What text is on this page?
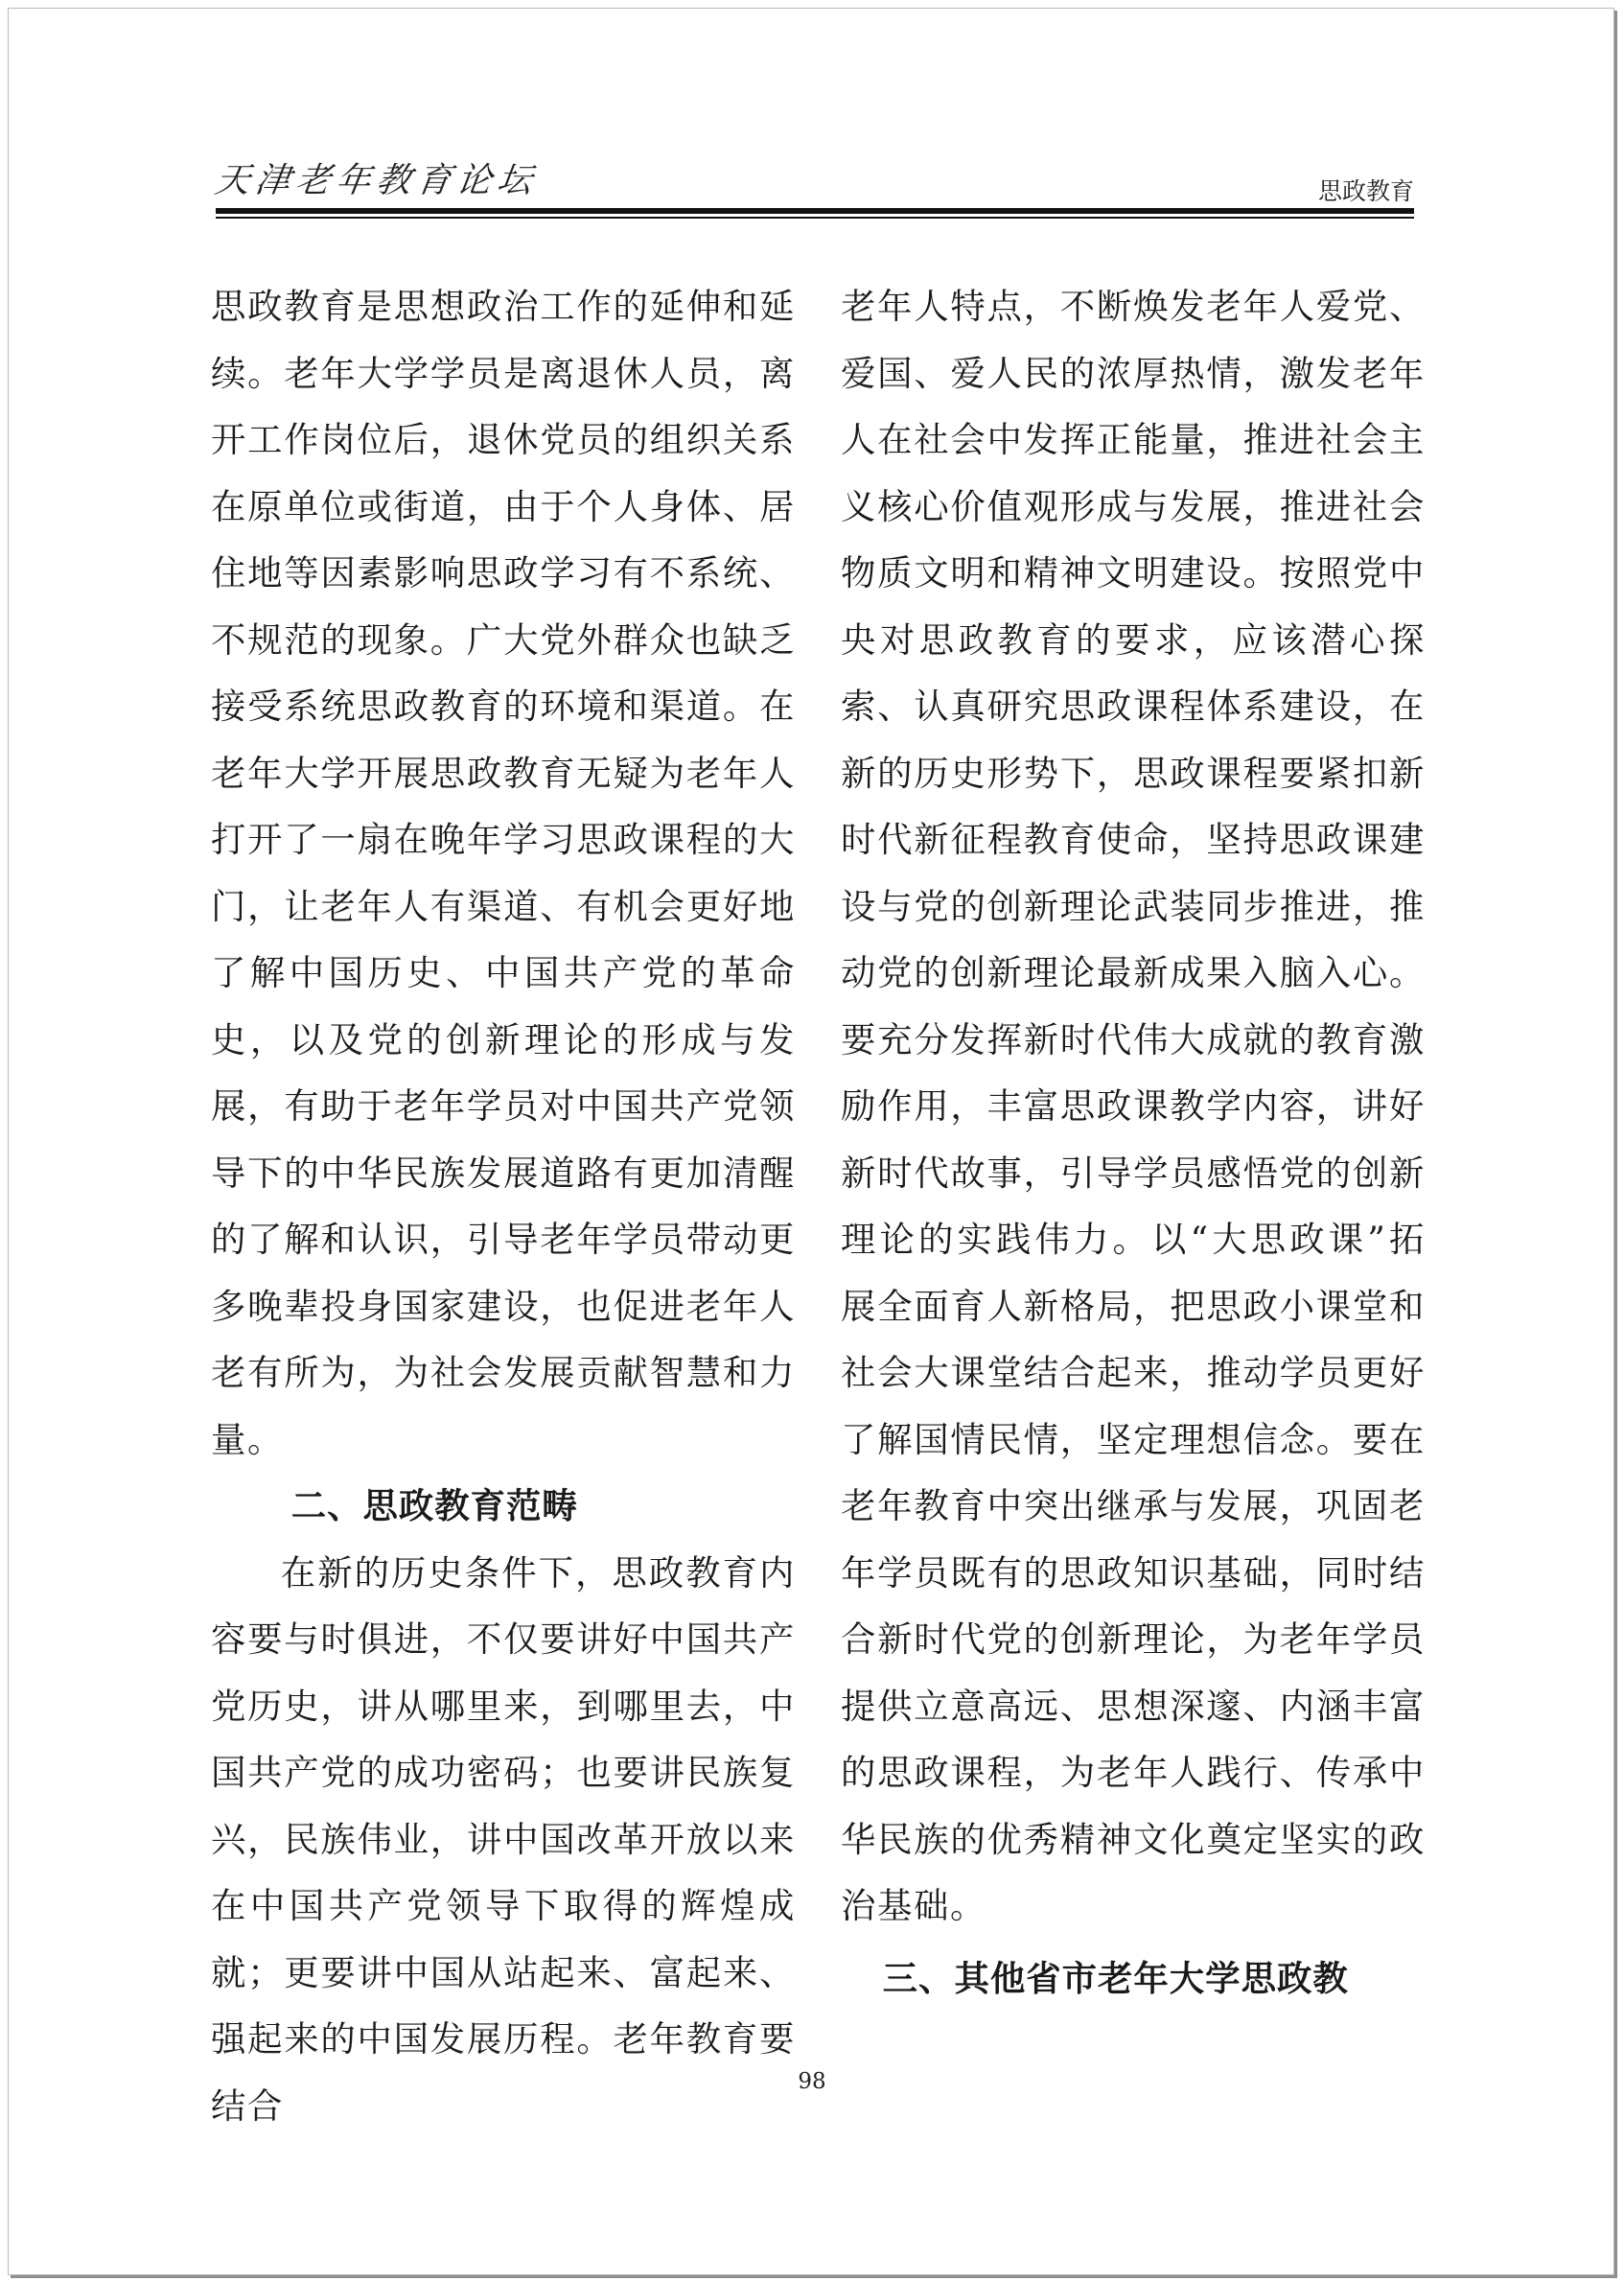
天津老年教育论坛	思政教育

思政教育是思想政治工作的延伸和延续。老年大学学员是离退休人员，离开工作岗位后，退休党员的组织关系在原单位或街道，由于个人身体、居住地等因素影响思政学习有不系统、不规范的现象。广大党外群众也缺乏接受系统思政教育的环境和渠道。在老年大学开展思政教育无疑为老年人打开了一扇在晚年学习思政课程的大门，让老年人有渠道、有机会更好地了解中国历史、中国共产党的革命史，以及党的创新理论的形成与发展，有助于老年学员对中国共产党领导下的中华民族发展道路有更加清醒的了解和认识，引导老年学员带动更多晚辈投身国家建设，也促进老年人老有所为，为社会发展贡献智慧和力量。

二、思政教育范畴

在新的历史条件下，思政教育内容要与时俱进，不仅要讲好中国共产党历史，讲从哪里来，到哪里去，中国共产党的成功密码；也要讲民族复兴，民族伟业，讲中国改革开放以来在中国共产党领导下取得的辉煌成就；更要讲中国从站起来、富起来、强起来的中国发展历程。老年教育要结合

老年人特点，不断焕发老年人爱党、爱国、爱人民的浓厚热情，激发老年人在社会中发挥正能量，推进社会主义核心价值观形成与发展，推进社会物质文明和精神文明建设。按照党中央对思政教育的要求，应该潜心探索、认真研究思政课程体系建设，在新的历史形势下，思政课程要紧扣新时代新征程教育使命，坚持思政课建设与党的创新理论武装同步推进，推动党的创新理论最新成果入脑入心。要充分发挥新时代伟大成就的教育激励作用，丰富思政课教学内容，讲好新时代故事，引导学员感悟党的创新理论的实践伟力。以“大思政课”拓展全面育人新格局，把思政小课堂和社会大课堂结合起来，推动学员更好了解国情民情，坚定理想信念。要在老年教育中突出继承与发展，巩固老年学员既有的思政知识基础，同时结合新时代党的创新理论，为老年学员提供立意高远、思想深邃、内涵丰富的思政课程，为老年人践行、传承中华民族的优秀精神文化奠定坚实的政治基础。

三、其他省市老年大学思政教

98
